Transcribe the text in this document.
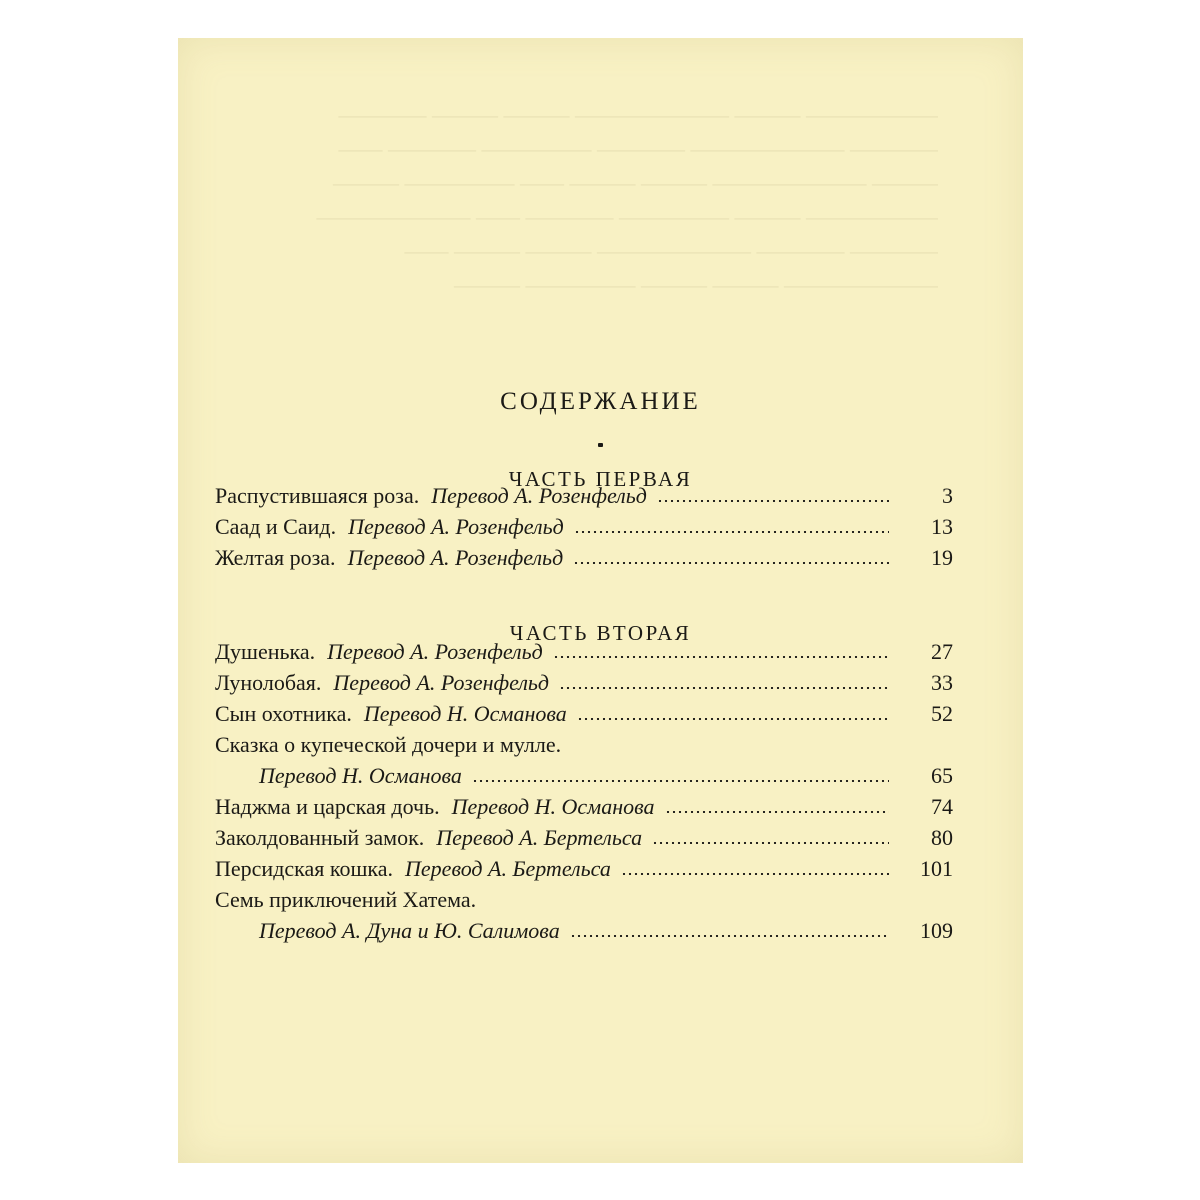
—————— ——— ——————— ——— ——— ————
———— ——————— ———— ————— ———— ——
——— ——————— ——— ——— —— ————— ———
—————— ——— ————— ———— —— ———————
———— ———— ——————— ——— ——— ——
——————— ——— ——— ————— ———
СОДЕРЖАНИЕ
ЧАСТЬ ПЕРВАЯ
Распустившаяся роза. Перевод А. Розенфельд	3
Саад и Саид. Перевод А. Розенфельд	13
Желтая роза. Перевод А. Розенфельд	19
ЧАСТЬ ВТОРАЯ
Душенька. Перевод А. Розенфельд	27
Лунолобая. Перевод А. Розенфельд	33
Сын охотника. Перевод Н. Османова	52
Сказка о купеческой дочери и мулле.
Перевод Н. Османова	65
Наджма и царская дочь. Перевод Н. Османова	74
Заколдованный замок. Перевод А. Бертельса	80
Персидская кошка. Перевод А. Бертельса	101
Семь приключений Хатема.
Перевод А. Дуна и Ю. Салимова	109
